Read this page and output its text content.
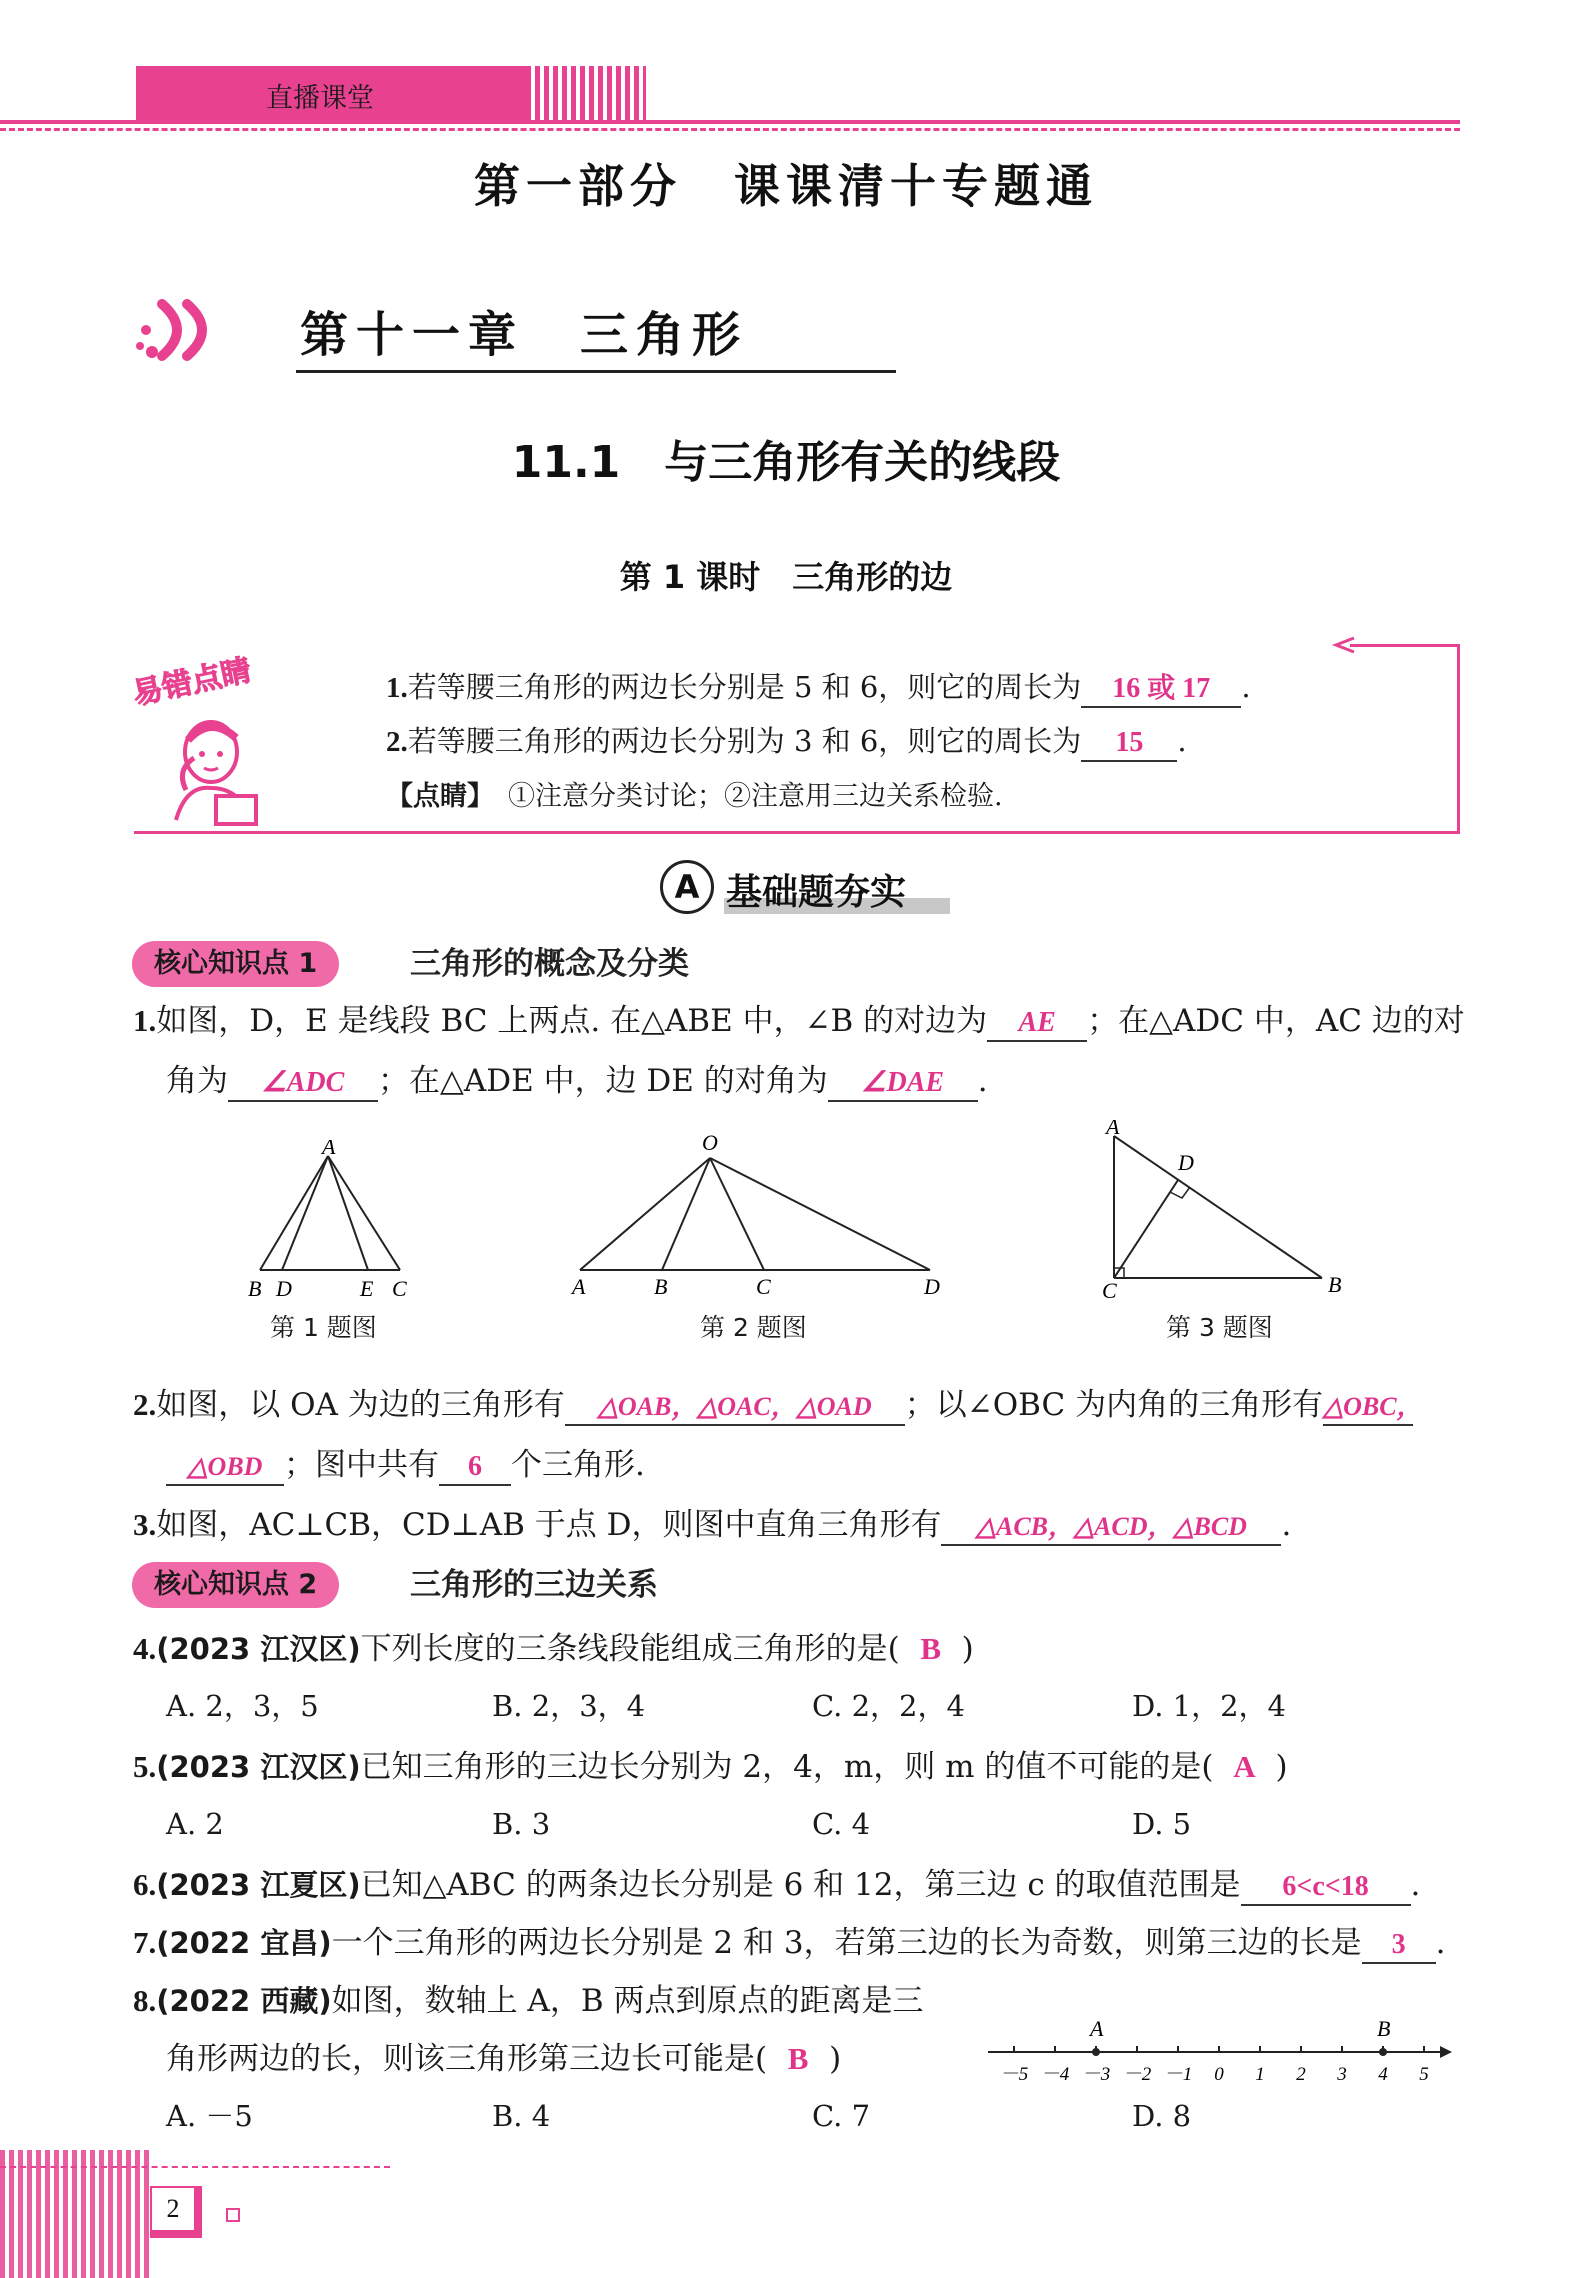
直播课堂
第一部分　课课清十专题通
第十一章　三角形
11.1　与三角形有关的线段
第 1 课时　三角形的边
易错点睛	1.若等腰三角形的两边长分别是 5 和 6，则它的周长为 16 或 17 .
2.若等腰三角形的两边长分别为 3 和 6，则它的周长为 15 .
【点睛】 ①注意分类讨论；②注意用三边关系检验.
A 基础题夯实
核心知识点 1	三角形的概念及分类
1.如图，D，E 是线段 BC 上两点. 在△ABE 中，∠B 的对边为 AE ；在△ADC 中，AC 边的对
角为 ∠ADC ；在△ADE 中，边 DE 的对角为 ∠DAE .
A
B D	E C
第 1 题图
O
A	B	C	D
第 2 题图
A
D
C	B
第 3 题图
2.如图，以 OA 为边的三角形有 △OAB，△OAC，△OAD ；以∠OBC 为内角的三角形有△OBC，
△OBD ；图中共有 6 个三角形.
3.如图，AC⊥CB，CD⊥AB 于点 D，则图中直角三角形有 △ACB，△ACD，△BCD .
核心知识点 2	三角形的三边关系
4.(2023 江汉区)下列长度的三条线段能组成三角形的是( B )
A. 2，3，5	B. 2，3，4	C. 2，2，4	D. 1，2，4
5.(2023 江汉区)已知三角形的三边长分别为 2，4，m，则 m 的值不可能的是( A )
A. 2	B. 3	C. 4	D. 5
6.(2023 江夏区)已知△ABC 的两条边长分别是 6 和 12，第三边 c 的取值范围是 6<c<18 .
7.(2022 宜昌)一个三角形的两边长分别是 2 和 3，若第三边的长为奇数，则第三边的长是 3 .
8.(2022 西藏)如图，数轴上 A，B 两点到原点的距离是三
角形两边的长，则该三角形第三边长可能是( B )
A. －5	B. 4	C. 7	D. 8
－5 －4 －3 －2 －1 0 1 2 3 4 5
A	B
2
